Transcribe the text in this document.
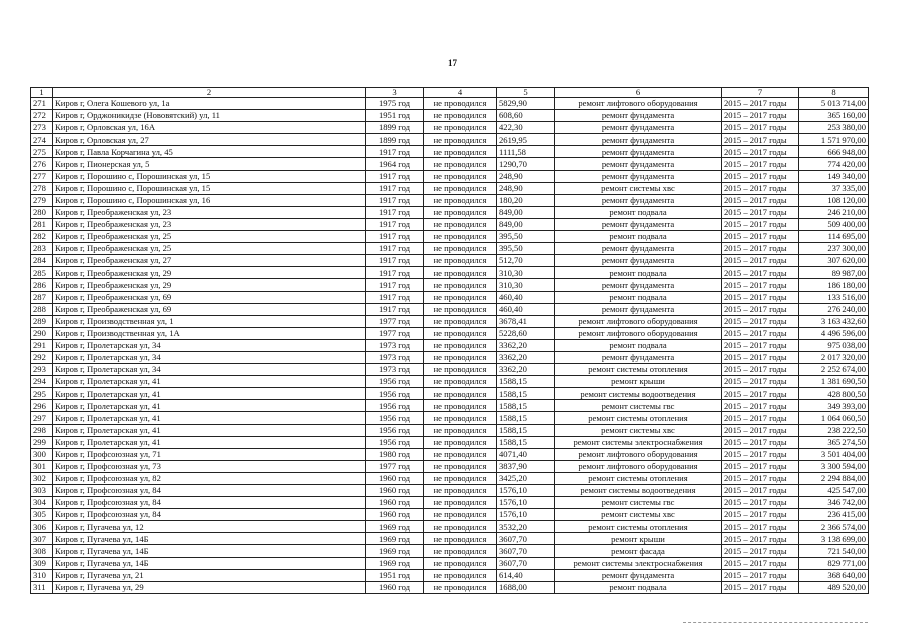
17
1	2	3	4	5	6	7	8
271	Киров г, Олега Кошевого ул, 1а	1975 год	не проводился	5829,90	ремонт лифтового оборудования	2015 – 2017 годы	5 013 714,00
272	Киров г, Орджоникидзе (Нововятский) ул, 11	1951 год	не проводился	608,60	ремонт фундамента	2015 – 2017 годы	365 160,00
273	Киров г, Орловская ул, 16А	1899 год	не проводился	422,30	ремонт фундамента	2015 – 2017 годы	253 380,00
274	Киров г, Орловская ул, 27	1899 год	не проводился	2619,95	ремонт фундамента	2015 – 2017 годы	1 571 970,00
275	Киров г, Павла Корчагина ул, 45	1917 год	не проводился	1111,58	ремонт фундамента	2015 – 2017 годы	666 948,00
276	Киров г, Пионерская ул, 5	1964 год	не проводился	1290,70	ремонт фундамента	2015 – 2017 годы	774 420,00
277	Киров г, Порошино с, Порошинская ул, 15	1917 год	не проводился	248,90	ремонт фундамента	2015 – 2017 годы	149 340,00
278	Киров г, Порошино с, Порошинская ул, 15	1917 год	не проводился	248,90	ремонт системы хвс	2015 – 2017 годы	37 335,00
279	Киров г, Порошино с, Порошинская ул, 16	1917 год	не проводился	180,20	ремонт фундамента	2015 – 2017 годы	108 120,00
280	Киров г, Преображенская ул, 23	1917 год	не проводился	849,00	ремонт подвала	2015 – 2017 годы	246 210,00
281	Киров г, Преображенская ул, 23	1917 год	не проводился	849,00	ремонт фундамента	2015 – 2017 годы	509 400,00
282	Киров г, Преображенская ул, 25	1917 год	не проводился	395,50	ремонт подвала	2015 – 2017 годы	114 695,00
283	Киров г, Преображенская ул, 25	1917 год	не проводился	395,50	ремонт фундамента	2015 – 2017 годы	237 300,00
284	Киров г, Преображенская ул, 27	1917 год	не проводился	512,70	ремонт фундамента	2015 – 2017 годы	307 620,00
285	Киров г, Преображенская ул, 29	1917 год	не проводился	310,30	ремонт подвала	2015 – 2017 годы	89 987,00
286	Киров г, Преображенская ул, 29	1917 год	не проводился	310,30	ремонт фундамента	2015 – 2017 годы	186 180,00
287	Киров г, Преображенская ул, 69	1917 год	не проводился	460,40	ремонт подвала	2015 – 2017 годы	133 516,00
288	Киров г, Преображенская ул, 69	1917 год	не проводился	460,40	ремонт фундамента	2015 – 2017 годы	276 240,00
289	Киров г, Производственная ул, 1	1977 год	не проводился	3678,41	ремонт лифтового оборудования	2015 – 2017 годы	3 163 432,60
290	Киров г, Производственная ул, 1А	1977 год	не проводился	5228,60	ремонт лифтового оборудования	2015 – 2017 годы	4 496 596,00
291	Киров г, Пролетарская ул, 34	1973 год	не проводился	3362,20	ремонт подвала	2015 – 2017 годы	975 038,00
292	Киров г, Пролетарская ул, 34	1973 год	не проводился	3362,20	ремонт фундамента	2015 – 2017 годы	2 017 320,00
293	Киров г, Пролетарская ул, 34	1973 год	не проводился	3362,20	ремонт системы отопления	2015 – 2017 годы	2 252 674,00
294	Киров г, Пролетарская ул, 41	1956 год	не проводился	1588,15	ремонт крыши	2015 – 2017 годы	1 381 690,50
295	Киров г, Пролетарская ул, 41	1956 год	не проводился	1588,15	ремонт системы водоотведения	2015 – 2017 годы	428 800,50
296	Киров г, Пролетарская ул, 41	1956 год	не проводился	1588,15	ремонт системы гвс	2015 – 2017 годы	349 393,00
297	Киров г, Пролетарская ул, 41	1956 год	не проводился	1588,15	ремонт системы отопления	2015 – 2017 годы	1 064 060,50
298	Киров г, Пролетарская ул, 41	1956 год	не проводился	1588,15	ремонт системы хвс	2015 – 2017 годы	238 222,50
299	Киров г, Пролетарская ул, 41	1956 год	не проводился	1588,15	ремонт системы электроснабжения	2015 – 2017 годы	365 274,50
300	Киров г, Профсоюзная ул, 71	1980 год	не проводился	4071,40	ремонт лифтового оборудования	2015 – 2017 годы	3 501 404,00
301	Киров г, Профсоюзная ул, 73	1977 год	не проводился	3837,90	ремонт лифтового оборудования	2015 – 2017 годы	3 300 594,00
302	Киров г, Профсоюзная ул, 82	1960 год	не проводился	3425,20	ремонт системы отопления	2015 – 2017 годы	2 294 884,00
303	Киров г, Профсоюзная ул, 84	1960 год	не проводился	1576,10	ремонт системы водоотведения	2015 – 2017 годы	425 547,00
304	Киров г, Профсоюзная ул, 84	1960 год	не проводился	1576,10	ремонт системы гвс	2015 – 2017 годы	346 742,00
305	Киров г, Профсоюзная ул, 84	1960 год	не проводился	1576,10	ремонт системы хвс	2015 – 2017 годы	236 415,00
306	Киров г, Пугачева ул, 12	1969 год	не проводился	3532,20	ремонт системы отопления	2015 – 2017 годы	2 366 574,00
307	Киров г, Пугачева ул, 14Б	1969 год	не проводился	3607,70	ремонт крыши	2015 – 2017 годы	3 138 699,00
308	Киров г, Пугачева ул, 14Б	1969 год	не проводился	3607,70	ремонт фасада	2015 – 2017 годы	721 540,00
309	Киров г, Пугачева ул, 14Б	1969 год	не проводился	3607,70	ремонт системы электроснабжения	2015 – 2017 годы	829 771,00
310	Киров г, Пугачева ул, 21	1951 год	не проводился	614,40	ремонт фундамента	2015 – 2017 годы	368 640,00
311	Киров г, Пугачева ул, 29	1960 год	не проводился	1688,00	ремонт подвала	2015 – 2017 годы	489 520,00
